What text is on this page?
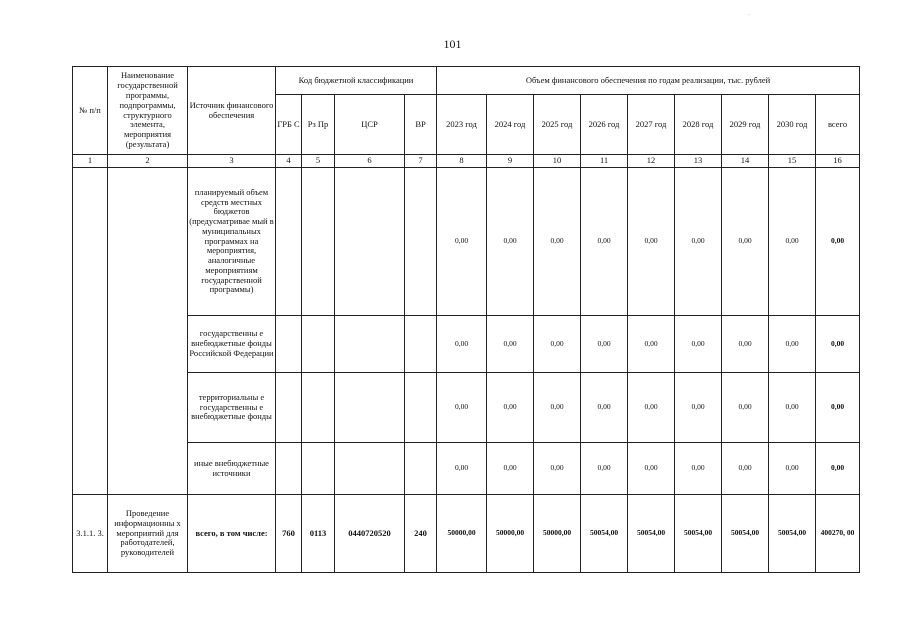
-
101
№ п/п	Наименование государственной программы, подпрограммы, структурного элемента, мероприятия (результата)	Источник финансового обеспечения	Код бюджетной классификации				Объем финансового обеспечения по годам реализации, тыс. рублей								
			ГРБ С	Рз Пр	ЦСР	ВР	2023 год	2024 год	2025 год	2026 год	2027 год	2028 год	2029 год	2030 год	всего
1	2	3	4	5	6	7	8	9	10	11	12	13	14	15	16
		планируемый объем средств местных бюджетов (предусматривае мый в муниципальных программах на мероприятия, аналогичные мероприятиям государственной программы)					0,00	0,00	0,00	0,00	0,00	0,00	0,00	0,00	0,00
		государственны е внебюджетные фонды Российской Федерации					0,00	0,00	0,00	0,00	0,00	0,00	0,00	0,00	0,00
		территориальны е государственны е внебюджетные фонды					0,00	0,00	0,00	0,00	0,00	0,00	0,00	0,00	0,00
		иные внебюджетные источники					0,00	0,00	0,00	0,00	0,00	0,00	0,00	0,00	0,00
3.1.1. 3.	Проведение информационны х мероприятий для работодателей, руководителей	всего, в том числе:	760	0113	0440720520	240	50000,00	50000,00	50000,00	50054,00	50054,00	50054,00	50054,00	50054,00	400270, 00
